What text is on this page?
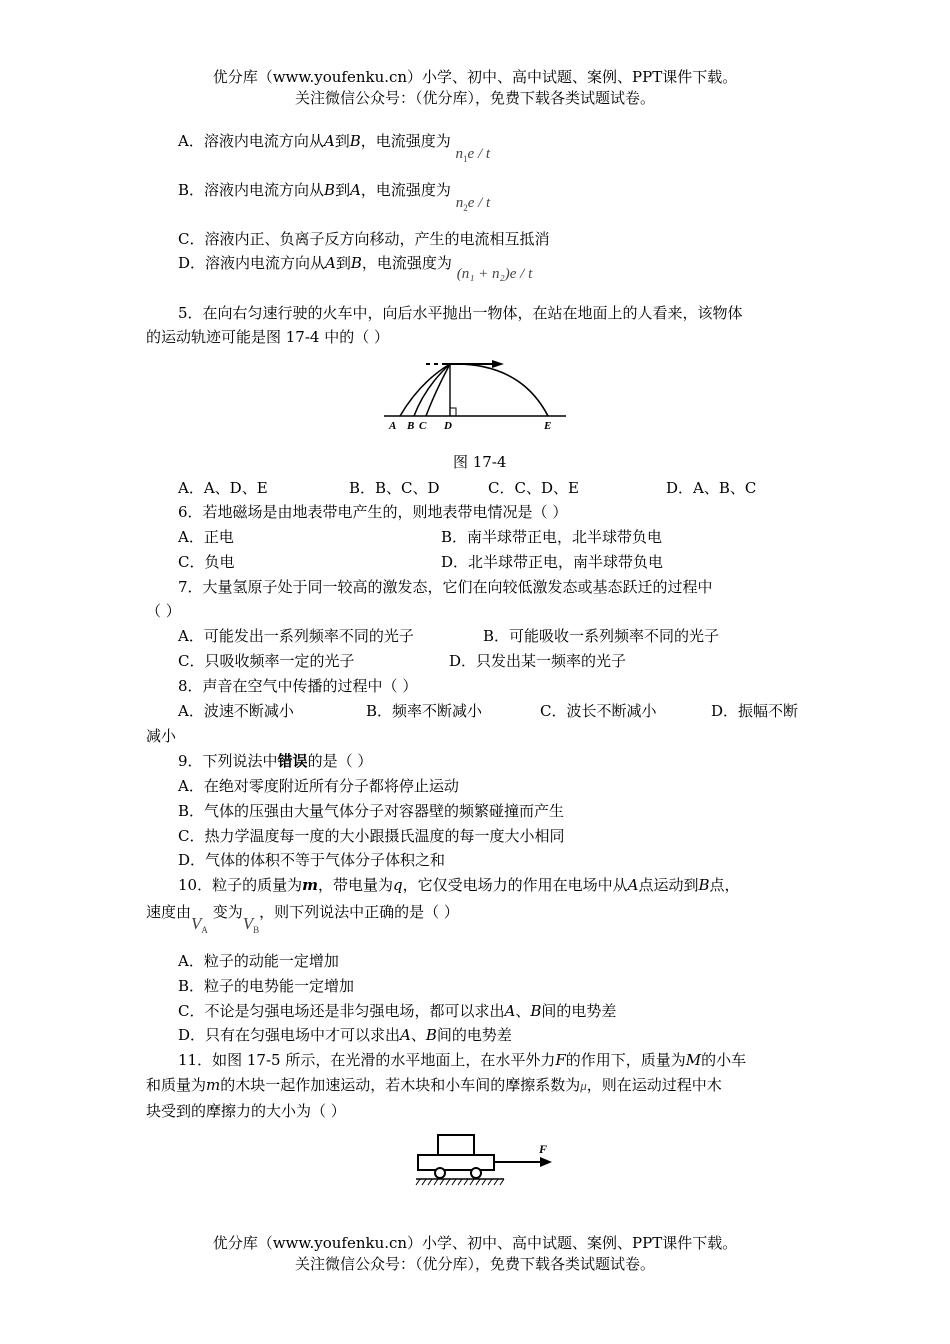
优分库（www.youfenku.cn）小学、初中、高中试题、案例、PPT课件下载。
关注微信公众号：（优分库），免费下载各类试题试卷。
A．溶液内电流方向从A到B，电流强度为 $n_1e$ / t
B．溶液内电流方向从B到A，电流强度为 $n_2e$ / t
C．溶液内正、负离子反方向移动，产生的电流相互抵消
D．溶液内电流方向从A到B，电流强度为 (n₁ + n₂)e / t
5．在向右匀速行驶的火车中，向后水平抛出一物体，在站在地面上的人看来，该物体
的运动轨迹可能是图 17-4 中的（ ）
A B C D	E
图 17-4
A．A、D、E	B．B、C、D	C．C、D、E	D．A、B、C
6．若地磁场是由地表带电产生的，则地表带电情况是（ ）
A．正电	B．南半球带正电，北半球带负电
C．负电	D．北半球带正电，南半球带负电
7．大量氢原子处于同一较高的激发态，它们在向较低激发态或基态跃迁的过程中
（ ）
A．可能发出一系列频率不同的光子	B．可能吸收一系列频率不同的光子
C．只吸收频率一定的光子	D．只发出某一频率的光子
8．声音在空气中传播的过程中（ ）
A．波速不断减小	B．频率不断减小	C．波长不断减小	D．振幅不断
减小
9．下列说法中错误的是（ ）
A．在绝对零度附近所有分子都将停止运动
B．气体的压强由大量气体分子对容器壁的频繁碰撞而产生
C．热力学温度每一度的大小跟摄氏温度的每一度大小相同
D．气体的体积不等于气体分子体积之和
10．粒子的质量为m，带电量为q，它仅受电场力的作用在电场中从A点运动到B点，
速度由$V_A$ 变为$V_B$，则下列说法中正确的是（ ）
A．粒子的动能一定增加
B．粒子的电势能一定增加
C．不论是匀强电场还是非匀强电场，都可以求出A、B间的电势差
D．只有在匀强电场中才可以求出A、B间的电势差
11．如图 17-5 所示，在光滑的水平地面上，在水平外力F的作用下，质量为M的小车
和质量为m的木块一起作加速运动，若木块和小车间的摩擦系数为μ，则在运动过程中木
块受到的摩擦力的大小为（ ）
F
优分库（www.youfenku.cn）小学、初中、高中试题、案例、PPT课件下载。
关注微信公众号：（优分库），免费下载各类试题试卷。
